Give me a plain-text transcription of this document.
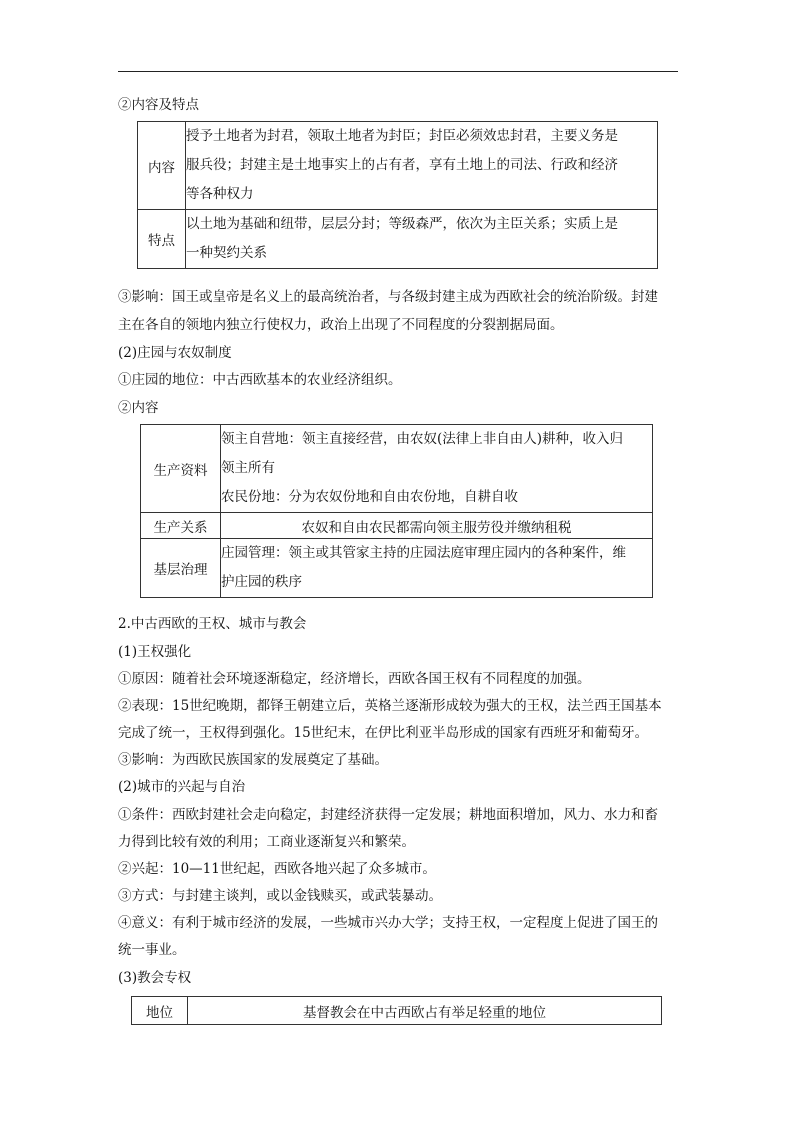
②内容及特点
内容	授予土地者为封君，领取土地者为封臣；封臣必须效忠封君，主要义务是
服兵役；封建主是土地事实上的占有者，享有土地上的司法、行政和经济
等各种权力

特点	以土地为基础和纽带，层层分封；等级森严，依次为主臣关系；实质上是
一种契约关系
③影响：国王或皇帝是名义上的最高统治者，与各级封建主成为西欧社会的统治阶级。封建
主在各自的领地内独立行使权力，政治上出现了不同程度的分裂割据局面。
(2)庄园与农奴制度
①庄园的地位：中古西欧基本的农业经济组织。
②内容
生产资料	领主自营地：领主直接经营，由农奴(法律上非自由人)耕种，收入归
领主所有
农民份地：分为农奴份地和自由农份地，自耕自收

生产关系	农奴和自由农民都需向领主服劳役并缴纳租税
基层治理	庄园管理：领主或其管家主持的庄园法庭审理庄园内的各种案件，维
护庄园的秩序
2.中古西欧的王权、城市与教会
(1)王权强化
①原因：随着社会环境逐渐稳定，经济增长，西欧各国王权有不同程度的加强。
②表现：15世纪晚期，都铎王朝建立后，英格兰逐渐形成较为强大的王权，法兰西王国基本
完成了统一，王权得到强化。15世纪末，在伊比利亚半岛形成的国家有西班牙和葡萄牙。
③影响：为西欧民族国家的发展奠定了基础。
(2)城市的兴起与自治
①条件：西欧封建社会走向稳定，封建经济获得一定发展；耕地面积增加，风力、水力和畜
力得到比较有效的利用；工商业逐渐复兴和繁荣。
②兴起：10—11世纪起，西欧各地兴起了众多城市。
③方式：与封建主谈判，或以金钱赎买，或武装暴动。
④意义：有利于城市经济的发展，一些城市兴办大学；支持王权，一定程度上促进了国王的
统一事业。
(3)教会专权
地位	基督教会在中古西欧占有举足轻重的地位
